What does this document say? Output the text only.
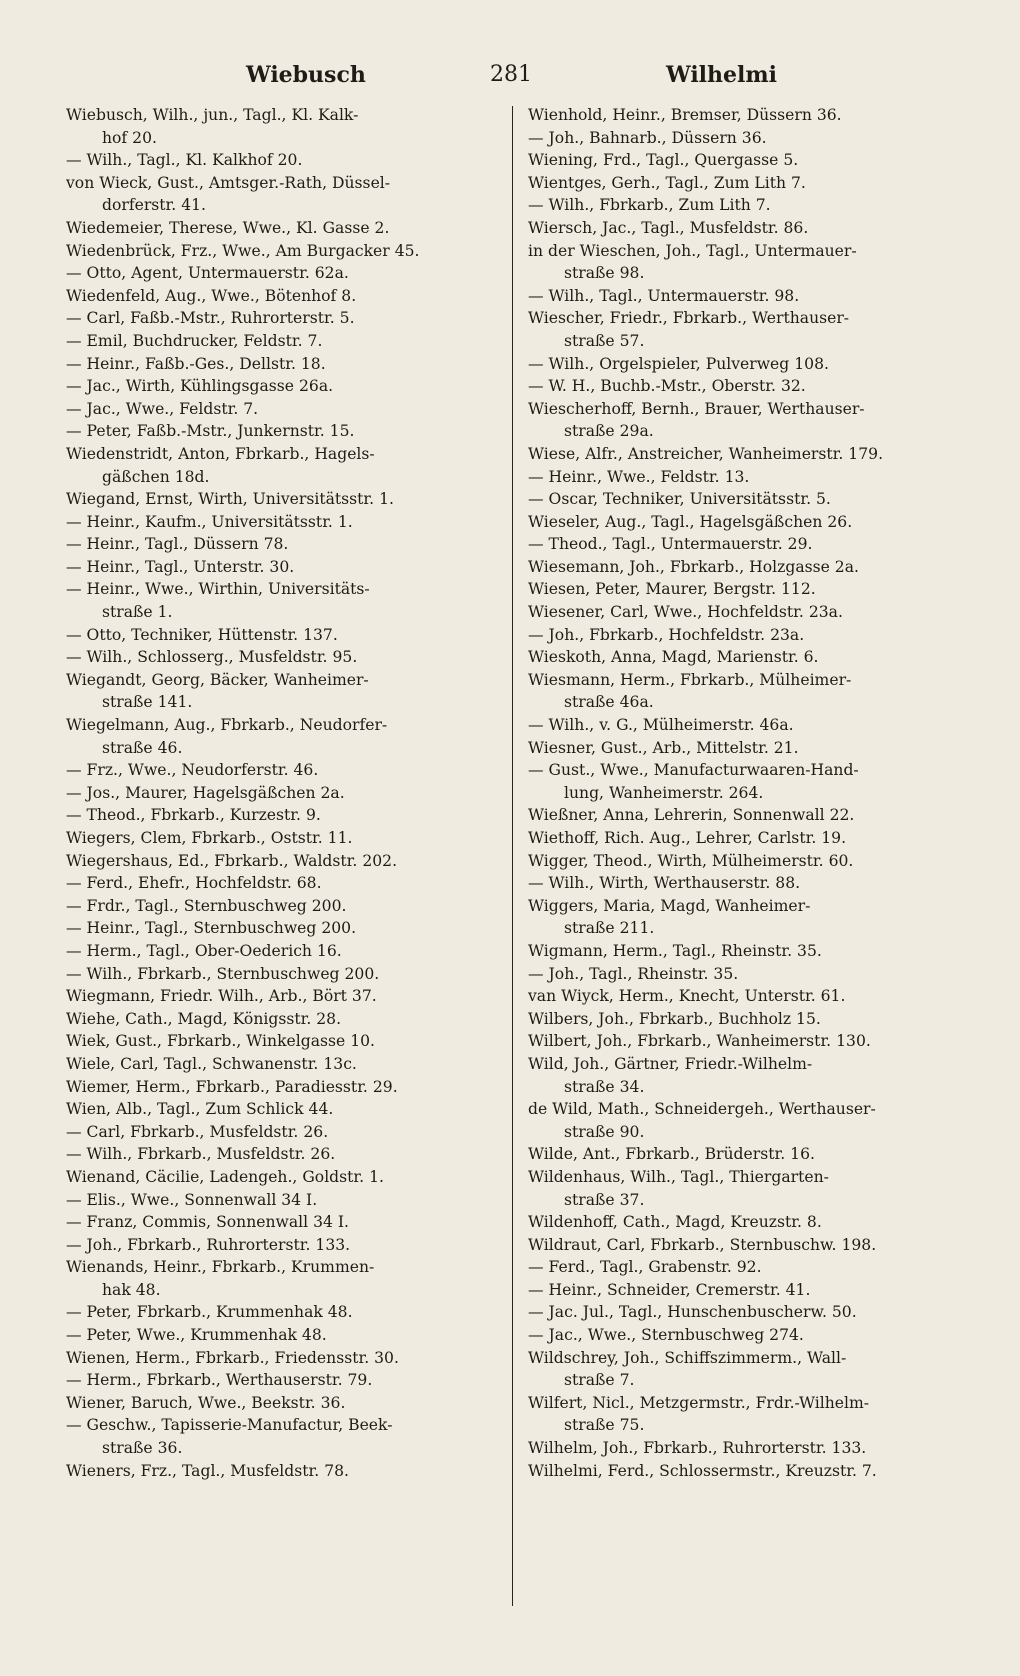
Wiebusch	281	Wilhelmi
Wiebusch, Wilh., jun., Tagl., Kl. Kalk-
hof 20.
— Wilh., Tagl., Kl. Kalkhof 20.
von Wieck, Gust., Amtsger.-Rath, Düssel-
dorferstr. 41.
Wiedemeier, Therese, Wwe., Kl. Gasse 2.
Wiedenbrück, Frz., Wwe., Am Burgacker 45.
— Otto, Agent, Untermauerstr. 62a.
Wiedenfeld, Aug., Wwe., Bötenhof 8.
— Carl, Faßb.-Mstr., Ruhrorterstr. 5.
— Emil, Buchdrucker, Feldstr. 7.
— Heinr., Faßb.-Ges., Dellstr. 18.
— Jac., Wirth, Kühlingsgasse 26a.
— Jac., Wwe., Feldstr. 7.
— Peter, Faßb.-Mstr., Junkernstr. 15.
Wiedenstridt, Anton, Fbrkarb., Hagels-
gäßchen 18d.
Wiegand, Ernst, Wirth, Universitätsstr. 1.
— Heinr., Kaufm., Universitätsstr. 1.
— Heinr., Tagl., Düssern 78.
— Heinr., Tagl., Unterstr. 30.
— Heinr., Wwe., Wirthin, Universitäts-
straße 1.
— Otto, Techniker, Hüttenstr. 137.
— Wilh., Schlosserg., Musfeldstr. 95.
Wiegandt, Georg, Bäcker, Wanheimer-
straße 141.
Wiegelmann, Aug., Fbrkarb., Neudorfer-
straße 46.
— Frz., Wwe., Neudorferstr. 46.
— Jos., Maurer, Hagelsgäßchen 2a.
— Theod., Fbrkarb., Kurzestr. 9.
Wiegers, Clem, Fbrkarb., Oststr. 11.
Wiegershaus, Ed., Fbrkarb., Waldstr. 202.
— Ferd., Ehefr., Hochfeldstr. 68.
— Frdr., Tagl., Sternbuschweg 200.
— Heinr., Tagl., Sternbuschweg 200.
— Herm., Tagl., Ober-Oederich 16.
— Wilh., Fbrkarb., Sternbuschweg 200.
Wiegmann, Friedr. Wilh., Arb., Bört 37.
Wiehe, Cath., Magd, Königsstr. 28.
Wiek, Gust., Fbrkarb., Winkelgasse 10.
Wiele, Carl, Tagl., Schwanenstr. 13c.
Wiemer, Herm., Fbrkarb., Paradiesstr. 29.
Wien, Alb., Tagl., Zum Schlick 44.
— Carl, Fbrkarb., Musfeldstr. 26.
— Wilh., Fbrkarb., Musfeldstr. 26.
Wienand, Cäcilie, Ladengeh., Goldstr. 1.
— Elis., Wwe., Sonnenwall 34 I.
— Franz, Commis, Sonnenwall 34 I.
— Joh., Fbrkarb., Ruhrorterstr. 133.
Wienands, Heinr., Fbrkarb., Krummen-
hak 48.
— Peter, Fbrkarb., Krummenhak 48.
— Peter, Wwe., Krummenhak 48.
Wienen, Herm., Fbrkarb., Friedensstr. 30.
— Herm., Fbrkarb., Werthauserstr. 79.
Wiener, Baruch, Wwe., Beekstr. 36.
— Geschw., Tapisserie-Manufactur, Beek-
straße 36.
Wieners, Frz., Tagl., Musfeldstr. 78.
Wienhold, Heinr., Bremser, Düssern 36.
— Joh., Bahnarb., Düssern 36.
Wiening, Frd., Tagl., Quergasse 5.
Wientges, Gerh., Tagl., Zum Lith 7.
— Wilh., Fbrkarb., Zum Lith 7.
Wiersch, Jac., Tagl., Musfeldstr. 86.
in der Wieschen, Joh., Tagl., Untermauer-
straße 98.
— Wilh., Tagl., Untermauerstr. 98.
Wiescher, Friedr., Fbrkarb., Werthauser-
straße 57.
— Wilh., Orgelspieler, Pulverweg 108.
— W. H., Buchb.-Mstr., Oberstr. 32.
Wiescherhoff, Bernh., Brauer, Werthauser-
straße 29a.
Wiese, Alfr., Anstreicher, Wanheimerstr. 179.
— Heinr., Wwe., Feldstr. 13.
— Oscar, Techniker, Universitätsstr. 5.
Wieseler, Aug., Tagl., Hagelsgäßchen 26.
— Theod., Tagl., Untermauerstr. 29.
Wiesemann, Joh., Fbrkarb., Holzgasse 2a.
Wiesen, Peter, Maurer, Bergstr. 112.
Wiesener, Carl, Wwe., Hochfeldstr. 23a.
— Joh., Fbrkarb., Hochfeldstr. 23a.
Wieskoth, Anna, Magd, Marienstr. 6.
Wiesmann, Herm., Fbrkarb., Mülheimer-
straße 46a.
— Wilh., v. G., Mülheimerstr. 46a.
Wiesner, Gust., Arb., Mittelstr. 21.
— Gust., Wwe., Manufacturwaaren-Hand-
lung, Wanheimerstr. 264.
Wießner, Anna, Lehrerin, Sonnenwall 22.
Wiethoff, Rich. Aug., Lehrer, Carlstr. 19.
Wigger, Theod., Wirth, Mülheimerstr. 60.
— Wilh., Wirth, Werthauserstr. 88.
Wiggers, Maria, Magd, Wanheimer-
straße 211.
Wigmann, Herm., Tagl., Rheinstr. 35.
— Joh., Tagl., Rheinstr. 35.
van Wiyck, Herm., Knecht, Unterstr. 61.
Wilbers, Joh., Fbrkarb., Buchholz 15.
Wilbert, Joh., Fbrkarb., Wanheimerstr. 130.
Wild, Joh., Gärtner, Friedr.-Wilhelm-
straße 34.
de Wild, Math., Schneidergeh., Werthauser-
straße 90.
Wilde, Ant., Fbrkarb., Brüderstr. 16.
Wildenhaus, Wilh., Tagl., Thiergarten-
straße 37.
Wildenhoff, Cath., Magd, Kreuzstr. 8.
Wildraut, Carl, Fbrkarb., Sternbuschw. 198.
— Ferd., Tagl., Grabenstr. 92.
— Heinr., Schneider, Cremerstr. 41.
— Jac. Jul., Tagl., Hunschenbuscherw. 50.
— Jac., Wwe., Sternbuschweg 274.
Wildschrey, Joh., Schiffszimmerm., Wall-
straße 7.
Wilfert, Nicl., Metzgermstr., Frdr.-Wilhelm-
straße 75.
Wilhelm, Joh., Fbrkarb., Ruhrorterstr. 133.
Wilhelmi, Ferd., Schlossermstr., Kreuzstr. 7.
